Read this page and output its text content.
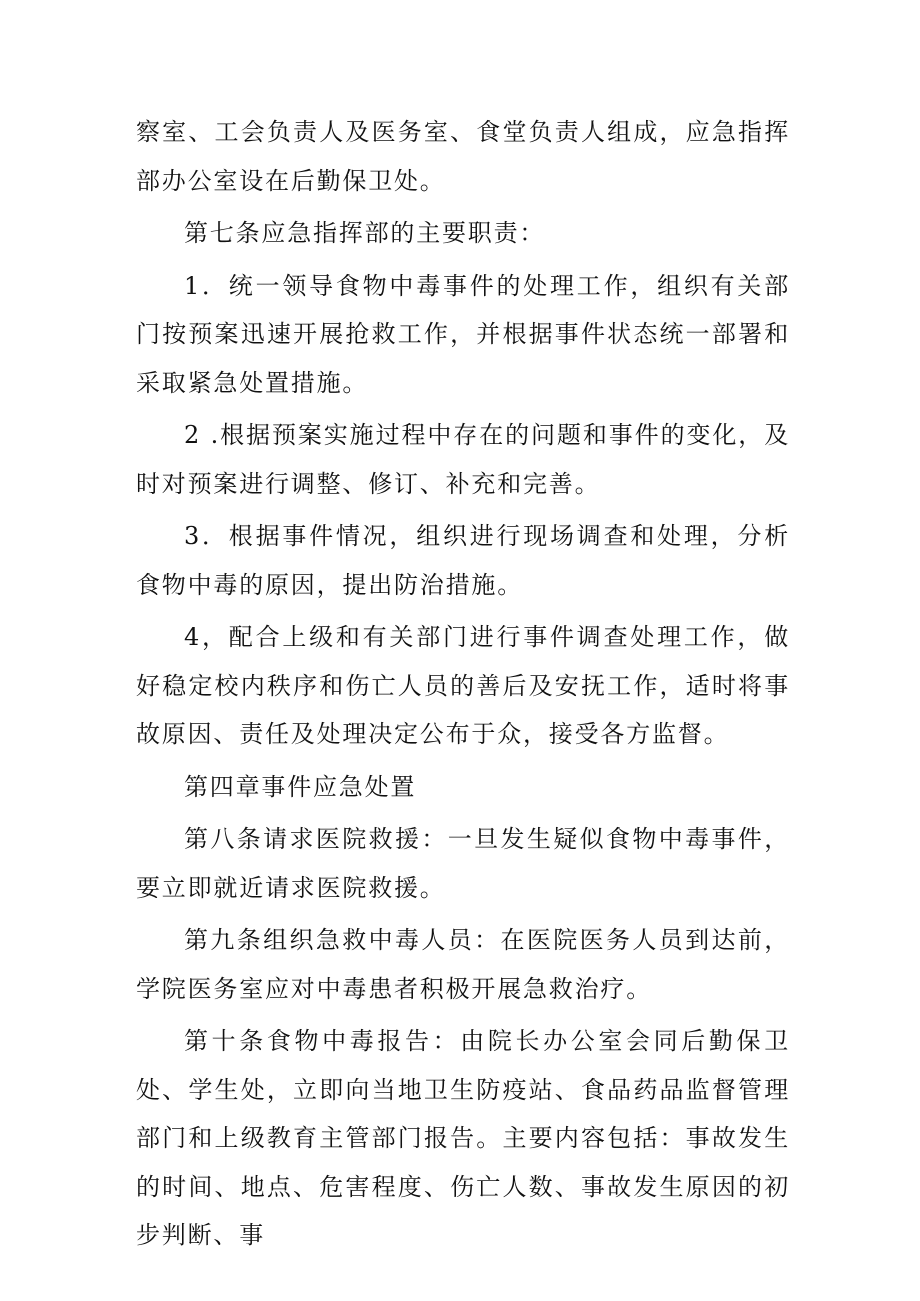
察室、工会负责人及医务室、食堂负责人组成，应急指挥部办公室设在后勤保卫处。

第七条应急指挥部的主要职责：

1．统一领导食物中毒事件的处理工作，组织有关部门按预案迅速开展抢救工作，并根据事件状态统一部署和采取紧急处置措施。

2 .根据预案实施过程中存在的问题和事件的变化，及时对预案进行调整、修订、补充和完善。

3．根据事件情况，组织进行现场调查和处理，分析食物中毒的原因，提出防治措施。

4，配合上级和有关部门进行事件调查处理工作，做好稳定校内秩序和伤亡人员的善后及安抚工作，适时将事故原因、责任及处理决定公布于众，接受各方监督。

第四章事件应急处置

第八条请求医院救援：一旦发生疑似食物中毒事件，要立即就近请求医院救援。

第九条组织急救中毒人员：在医院医务人员到达前，学院医务室应对中毒患者积极开展急救治疗。

第十条食物中毒报告：由院长办公室会同后勤保卫处、学生处，立即向当地卫生防疫站、食品药品监督管理部门和上级教育主管部门报告。主要内容包括：事故发生的时间、地点、危害程度、伤亡人数、事故发生原因的初步判断、事
